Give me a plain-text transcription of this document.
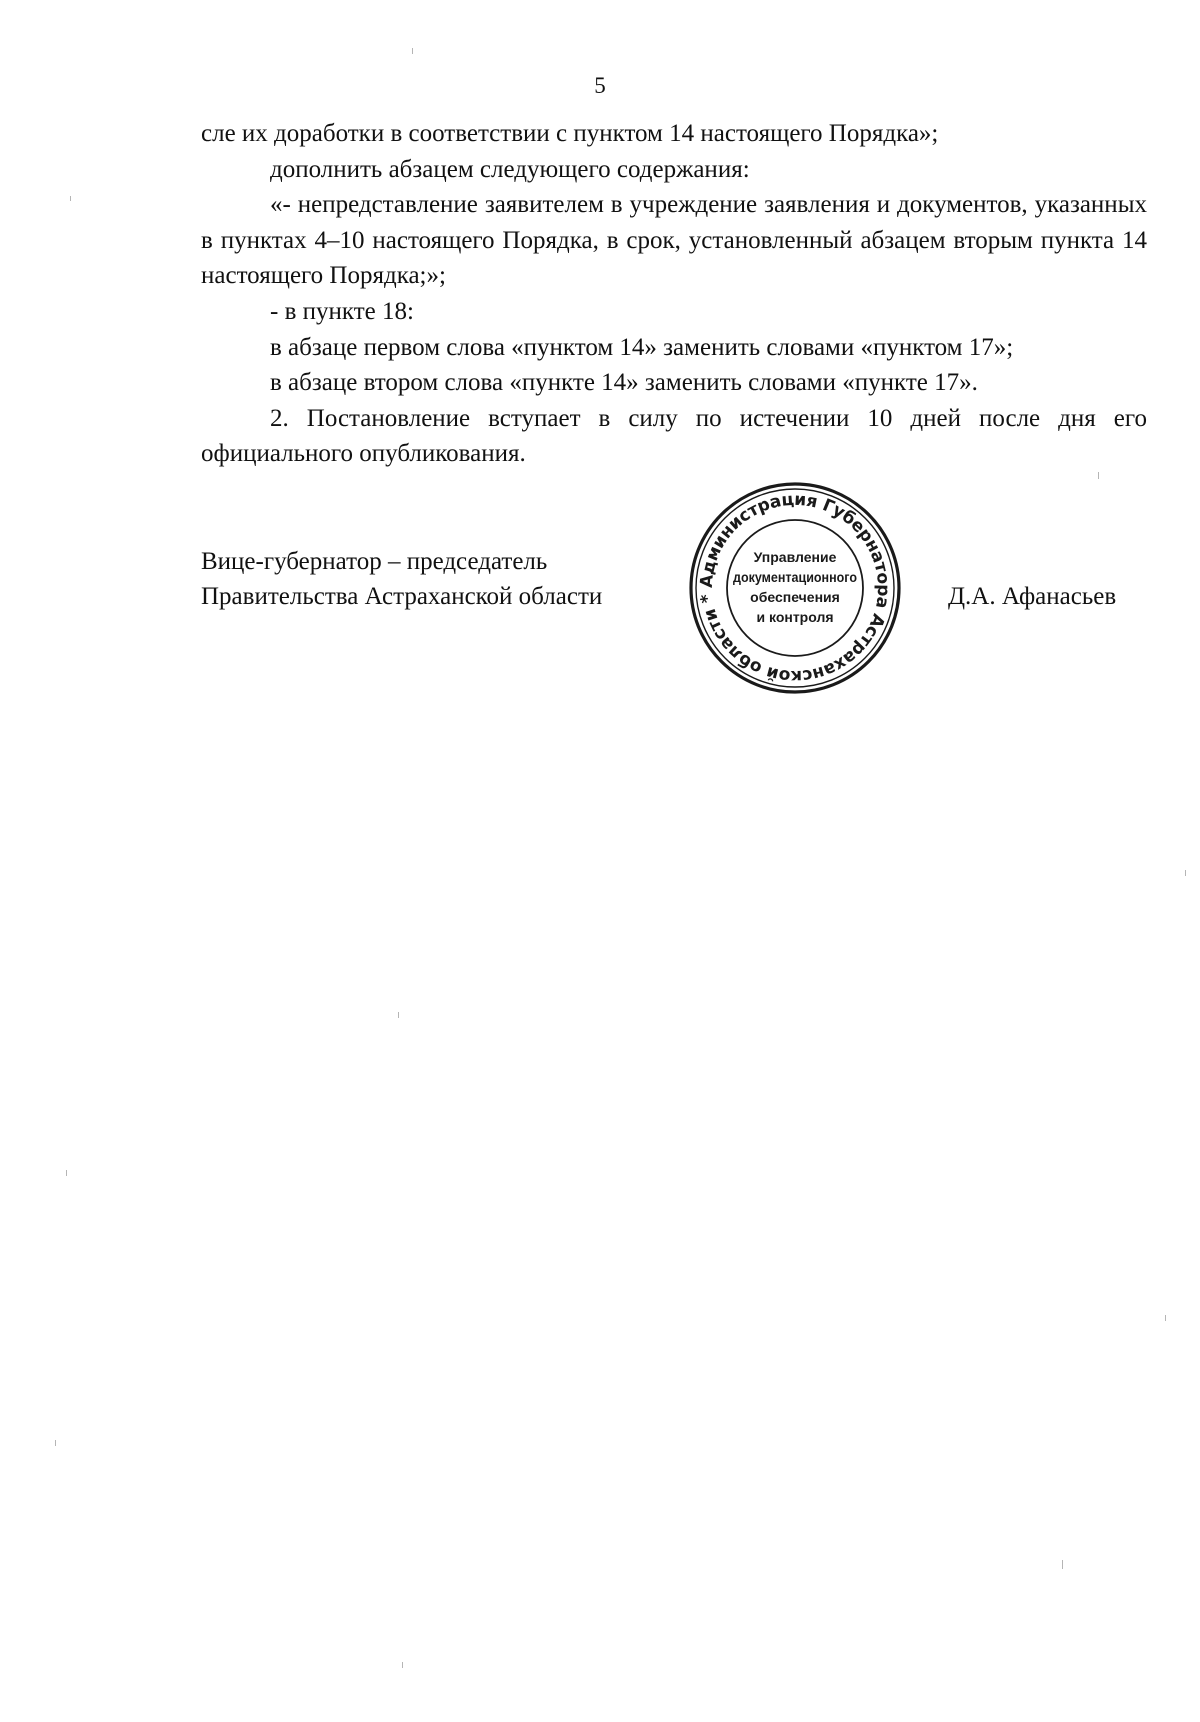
5

сле их доработки в соответствии с пунктом 14 настоящего Порядка»;

дополнить абзацем следующего содержания:

«- непредставление заявителем в учреждение заявления и документов, указанных в пунктах 4–10 настоящего Порядка, в срок, установленный абзацем вторым пункта 14 настоящего Порядка;»;

- в пункте 18:

в абзаце первом слова «пунктом 14» заменить словами «пунктом 17»;

в абзаце втором слова «пункте 14» заменить словами «пункте 17».

2. Постановление вступает в силу по истечении 10 дней после дня его официального опубликования.

Вице-губернатор – председатель
Правительства Астраханской области	Д.А. Афанасьев
Администрация Губернатора Астраханской области *
Управление
документационного
обеспечения
и контроля
